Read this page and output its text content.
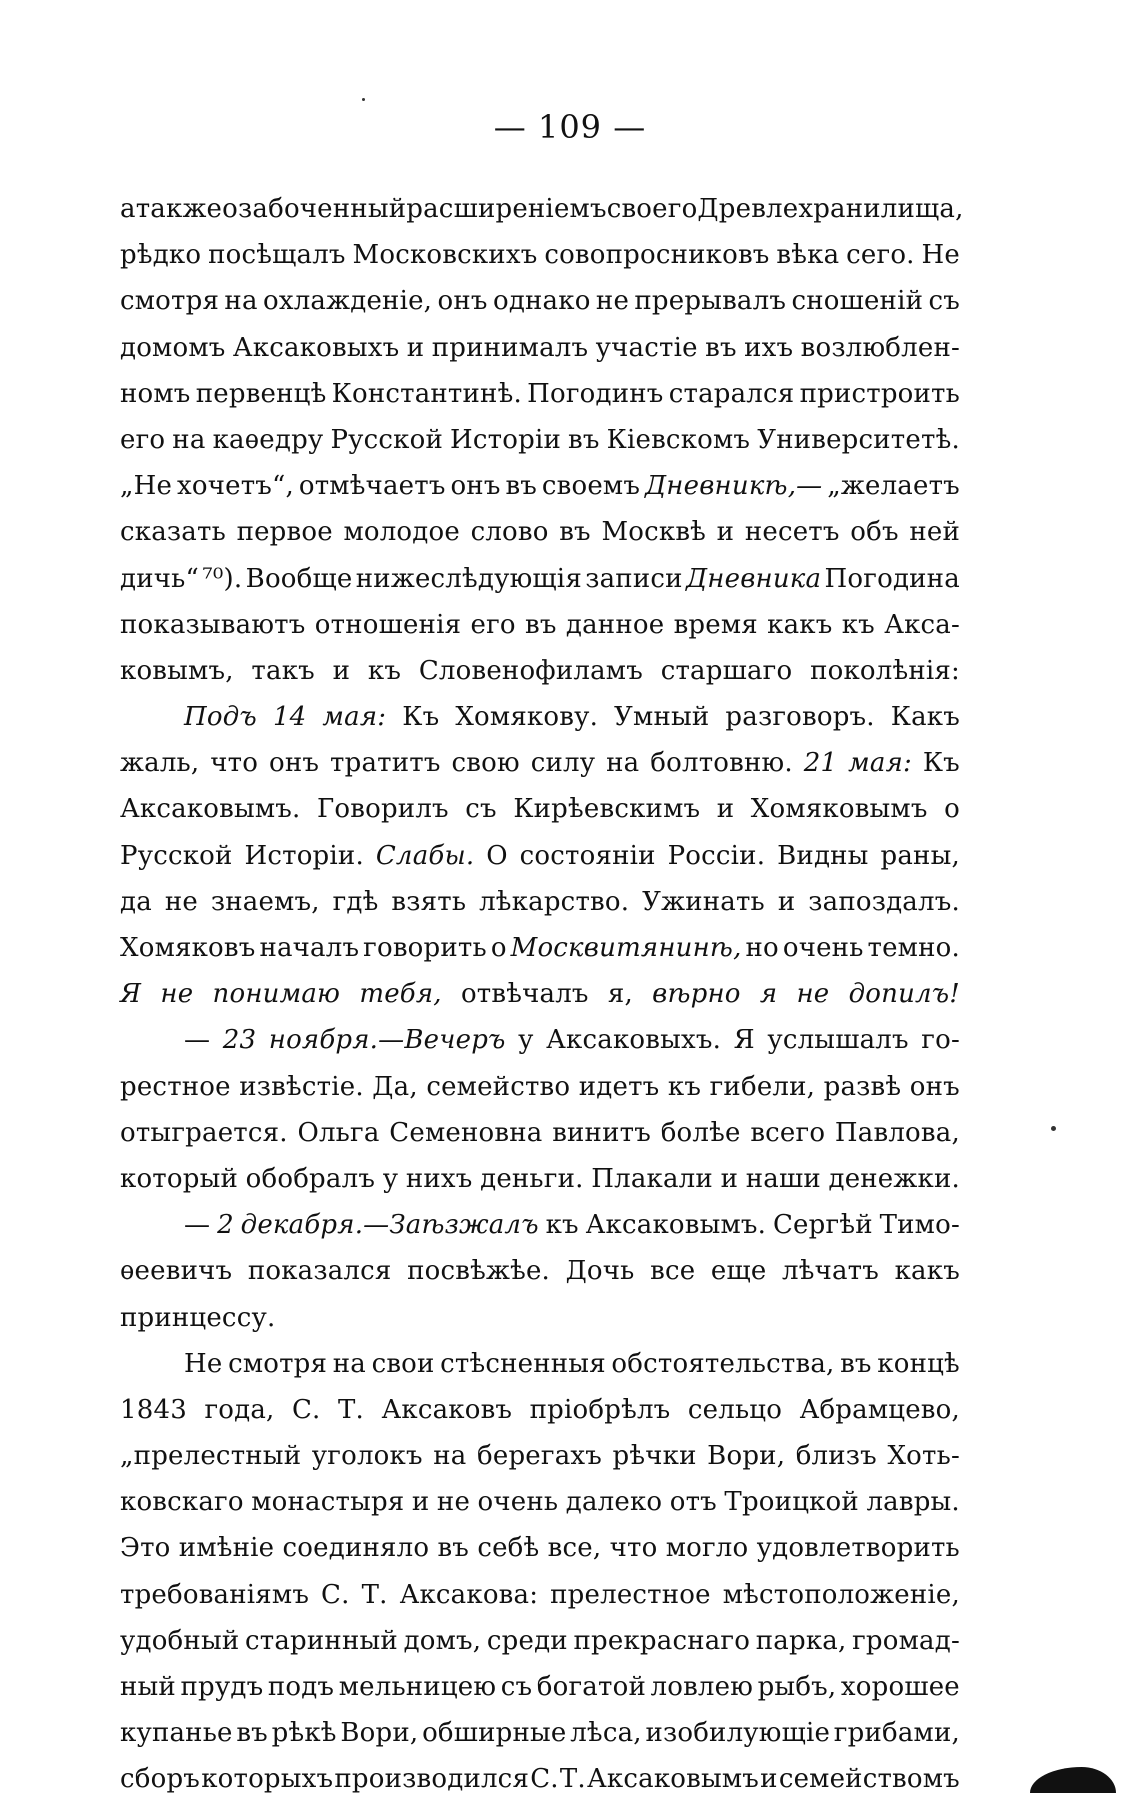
— 109 —
а также озабоченный расширеніемъ своего Древлехранилища,
рѣдко посѣщалъ Московскихъ совопросниковъ вѣка сего. Не
смотря на охлажденіе, онъ однако не прерывалъ сношеній съ
домомъ Аксаковыхъ и принималъ участіе въ ихъ возлюблен-
номъ первенцѣ Константинѣ. Погодинъ старался пристроить
его на каѳедру Русской Исторіи въ Кіевскомъ Университетѣ.
„Не хочетъ“, отмѣчаетъ онъ въ своемъ Дневникѣ,— „желаетъ
сказать первое молодое слово въ Москвѣ и несетъ объ ней
дичь“ ⁷⁰). Вообще нижеслѣдующія записи Дневника Погодина
показываютъ отношенія его въ данное время какъ къ Акса-
ковымъ, такъ и къ Словенофиламъ старшаго поколѣнія:
Подъ 14 мая: Къ Хомякову. Умный разговоръ. Какъ
жаль, что онъ тратитъ свою силу на болтовню. 21 мая: Къ
Аксаковымъ. Говорилъ съ Кирѣевскимъ и Хомяковымъ о
Русской Исторіи. Слабы. О состояніи Россіи. Видны раны,
да не знаемъ, гдѣ взять лѣкарство. Ужинать и запоздалъ.
Хомяковъ началъ говорить о Москвитянинѣ, но очень темно.
Я не понимаю тебя, отвѣчалъ я, вѣрно я не допилъ!
— 23 ноября.—Вечеръ у Аксаковыхъ. Я услышалъ го-
рестное извѣстіе. Да, семейство идетъ къ гибели, развѣ онъ
отыграется. Ольга Семеновна винитъ болѣе всего Павлова,
который обобралъ у нихъ деньги. Плакали и наши денежки.
— 2 декабря.—Заѣзжалъ къ Аксаковымъ. Сергѣй Тимо-
ѳеевичъ показался посвѣжѣе. Дочь все еще лѣчатъ какъ
принцессу.
Не смотря на свои стѣсненныя обстоятельства, въ концѣ
1843 года, С. Т. Аксаковъ пріобрѣлъ сельцо Абрамцево,
„прелестный уголокъ на берегахъ рѣчки Вори, близъ Хоть-
ковскаго монастыря и не очень далеко отъ Троицкой лавры.
Это имѣніе соединяло въ себѣ все, что могло удовлетворить
требованіямъ С. Т. Аксакова: прелестное мѣстоположеніе,
удобный старинный домъ, среди прекраснаго парка, громад-
ный прудъ подъ мельницею съ богатой ловлею рыбъ, хорошее
купанье въ рѣкѣ Вори, обширные лѣса, изобилующіе грибами,
сборъ которыхъ производился С. Т. Аксаковымъ и семействомъ
